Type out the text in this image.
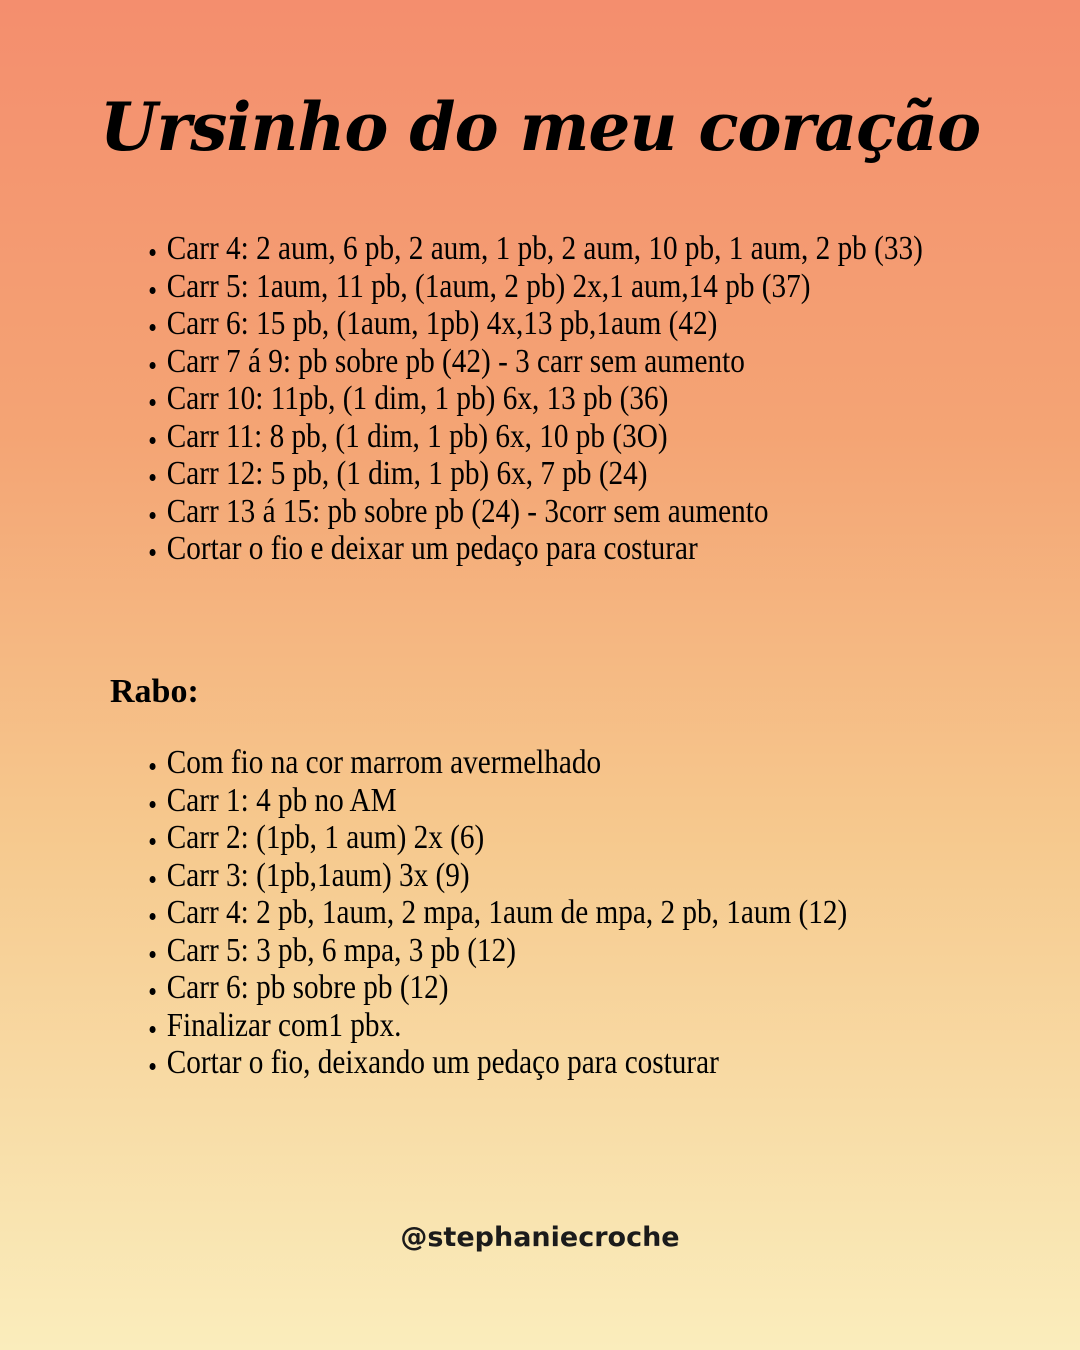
Ursinho do meu coração
• Carr 4: 2 aum, 6 pb, 2 aum, 1 pb, 2 aum, 10 pb, 1 aum, 2 pb (33)
• Carr 5: 1aum, 11 pb, (1aum, 2 pb) 2x,1 aum,14 pb (37)
• Carr 6: 15 pb, (1aum, 1pb) 4x,13 pb,1aum (42)
• Carr 7 á 9: pb sobre pb (42) - 3 carr sem aumento
• Carr 10: 11pb, (1 dim, 1 pb) 6x, 13 pb (36)
• Carr 11: 8 pb, (1 dim, 1 pb) 6x, 10 pb (3O)
• Carr 12: 5 pb, (1 dim, 1 pb) 6x, 7 pb (24)
• Carr 13 á 15: pb sobre pb (24) - 3corr sem aumento
• Cortar o fio e deixar um pedaço para costurar
Rabo:
• Com fio na cor marrom avermelhado
• Carr 1: 4 pb no AM
• Carr 2: (1pb, 1 aum) 2x (6)
• Carr 3: (1pb,1aum) 3x (9)
• Carr 4: 2 pb, 1aum, 2 mpa, 1aum de mpa, 2 pb, 1aum (12)
• Carr 5: 3 pb, 6 mpa, 3 pb (12)
• Carr 6: pb sobre pb (12)
• Finalizar com1 pbx.
• Cortar o fio, deixando um pedaço para costurar
@stephaniecroche
